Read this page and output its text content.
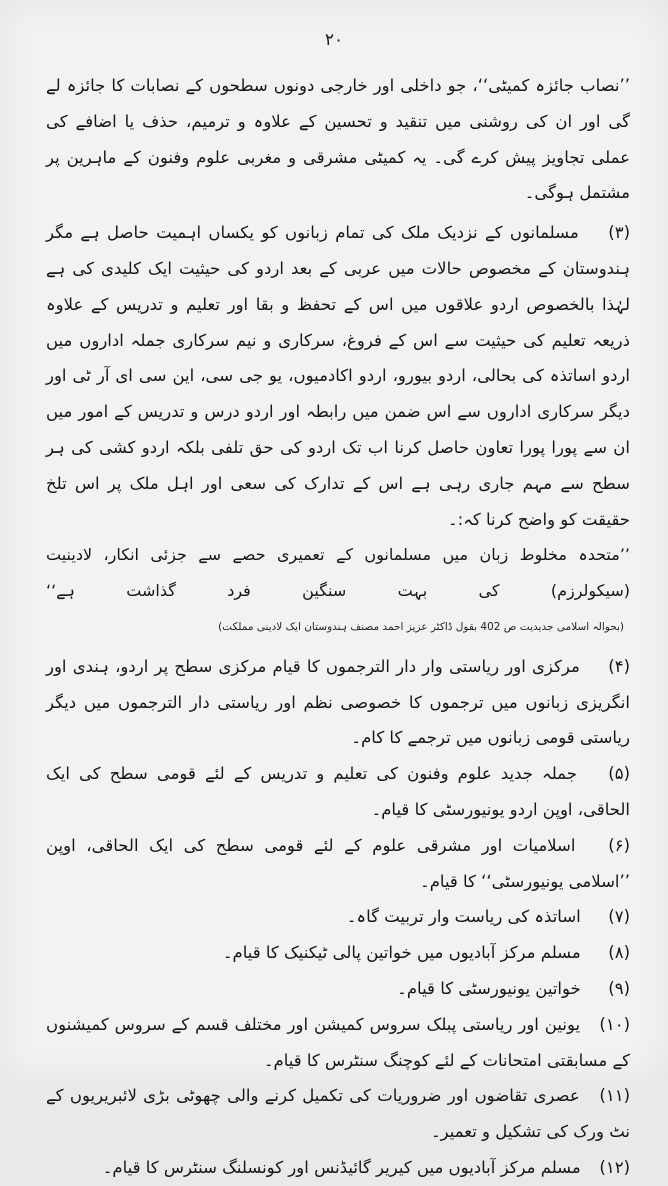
۲۰

’’نصاب جائزہ کمیٹی‘‘، جو داخلی اور خارجی دونوں سطحوں کے نصابات کا جائزہ لے گی اور ان کی روشنی میں تنقید و تحسین کے علاوہ و ترمیم، حذف یا اضافے کی عملی تجاویز پیش کرے گی۔ یہ کمیٹی مشرقی و مغربی علوم وفنون کے ماہرین پر مشتمل ہوگی۔

(۳) مسلمانوں کے نزدیک ملک کی تمام زبانوں کو یکساں اہمیت حاصل ہے مگر ہندوستان کے مخصوص حالات میں عربی کے بعد اردو کی حیثیت ایک کلیدی کی ہے لہٰذا بالخصوص اردو علاقوں میں اس کے تحفظ و بقا اور تعلیم و تدریس کے علاوہ ذریعہ تعلیم کی حیثیت سے اس کے فروغ، سرکاری و نیم سرکاری جملہ اداروں میں اردو اساتذہ کی بحالی، اردو بیورو، اردو اکادمیوں، یو جی سی، این سی ای آر ٹی اور دیگر سرکاری اداروں سے اس ضمن میں رابطہ اور اردو درس و تدریس کے امور میں ان سے پورا پورا تعاون حاصل کرنا اب تک اردو کی حق تلفی بلکہ اردو کشی کی ہر سطح سے مہم جاری رہی ہے اس کے تدارک کی سعی اور اہل ملک پر اس تلخ حقیقت کو واضح کرنا کہ:۔

’’متحدہ مخلوط زبان میں مسلمانوں کے تعمیری حصے سے جزئی انکار، لادینیت (سیکولرزم) کی بہت سنگین فرد گذاشت ہے‘‘ (بحوالہ اسلامی جدیدیت ص 402 بقول ڈاکٹر عزیز احمد مصنف ہندوستان ایک لادینی مملکت)

(۴) مرکزی اور ریاستی وار دار الترجموں کا قیام مرکزی سطح پر اردو، ہندی اور انگریزی زبانوں میں ترجموں کا خصوصی نظم اور ریاستی دار الترجموں میں دیگر ریاستی قومی زبانوں میں ترجمے کا کام۔

(۵) جملہ جدید علوم وفنون کی تعلیم و تدریس کے لئے قومی سطح کی ایک الحاقی، اوپن اردو یونیورسٹی کا قیام۔

(۶) اسلامیات اور مشرقی علوم کے لئے قومی سطح کی ایک الحاقی، اوپن ’’اسلامی یونیورسٹی‘‘ کا قیام۔

(۷) اساتذہ کی ریاست وار تربیت گاہ۔

(۸) مسلم مرکز آبادیوں میں خواتین پالی ٹیکنیک کا قیام۔

(۹) خواتین یونیورسٹی کا قیام۔

(۱۰) یونین اور ریاستی پبلک سروس کمیشن اور مختلف قسم کے سروس کمیشنوں کے مسابقتی امتحانات کے لئے کوچنگ سنٹرس کا قیام۔

(۱۱) عصری تقاضوں اور ضروریات کی تکمیل کرنے والی چھوٹی بڑی لائبریریوں کے نٹ ورک کی تشکیل و تعمیر۔

(۱۲) مسلم مرکز آبادیوں میں کیریر گائیڈنس اور کونسلنگ سنٹرس کا قیام۔
